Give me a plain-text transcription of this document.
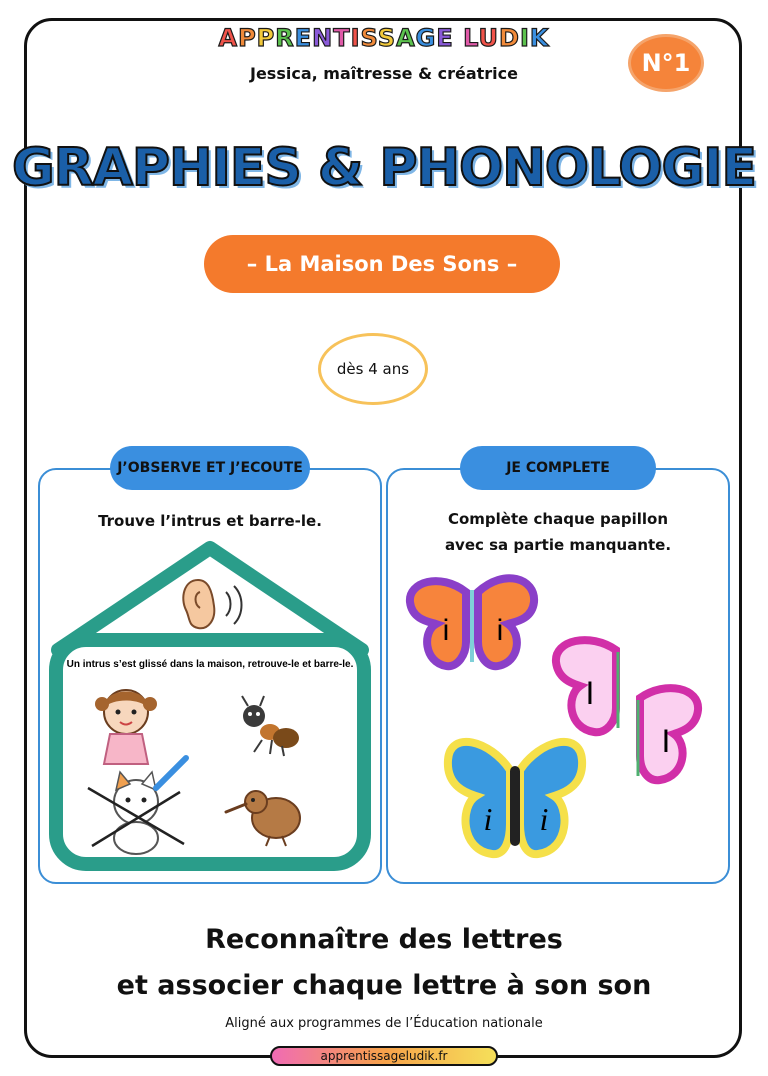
APPRENTISSAGE LUDIK
Jessica, maîtresse & créatrice	N°1
GRAPHIES & PHONOLOGIE
– La Maison Des Sons –
dès 4 ans
J’OBSERVE ET J’ECOUTE
Trouve l’intrus et barre-le.
Un intrus s’est glissé dans la maison, retrouve-le et barre-le.
JE COMPLETE
Complète chaque papillon
avec sa partie manquante.
i i
I
I
i i
Reconnaître des lettres
et associer chaque lettre à son son
Aligné aux programmes de l’Éducation nationale
apprentissageludik.fr
